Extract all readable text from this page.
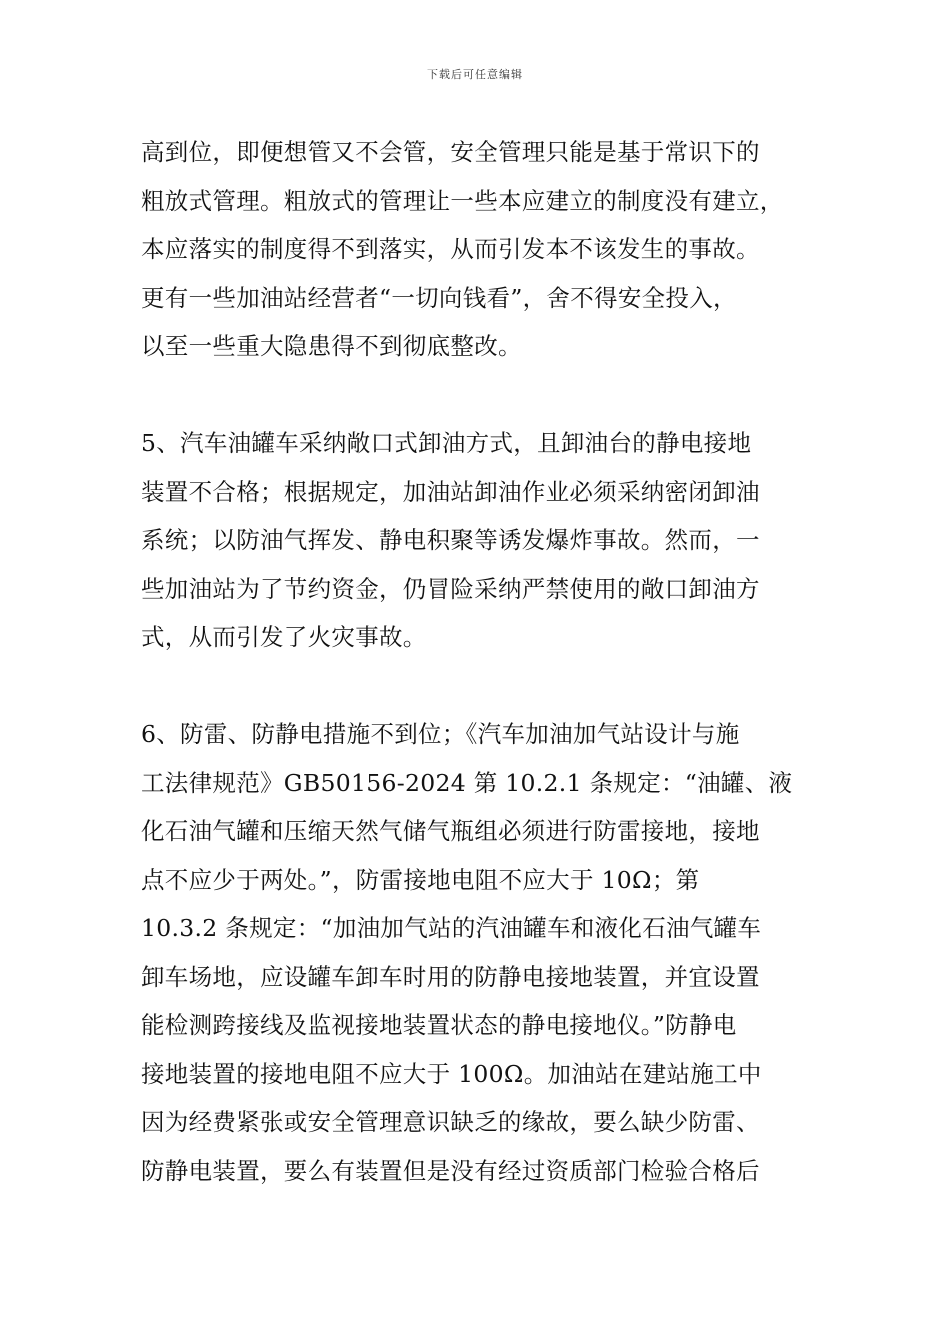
下载后可任意编辑
高到位，即便想管又不会管，安全管理只能是基于常识下的
粗放式管理。粗放式的管理让一些本应建立的制度没有建立，
本应落实的制度得不到落实，从而引发本不该发生的事故。
更有一些加油站经营者“一切向钱看”，舍不得安全投入，
以至一些重大隐患得不到彻底整改。
5、汽车油罐车采纳敞口式卸油方式，且卸油台的静电接地
装置不合格；根据规定，加油站卸油作业必须采纳密闭卸油
系统；以防油气挥发、静电积聚等诱发爆炸事故。然而，一
些加油站为了节约资金，仍冒险采纳严禁使用的敞口卸油方
式，从而引发了火灾事故。
6、防雷、防静电措施不到位；《汽车加油加气站设计与施
工法律规范》GB50156-2024 第 10.2.1 条规定：“油罐、液
化石油气罐和压缩天然气储气瓶组必须进行防雷接地，接地
点不应少于两处。”，防雷接地电阻不应大于 10Ω；第
10.3.2 条规定：“加油加气站的汽油罐车和液化石油气罐车
卸车场地，应设罐车卸车时用的防静电接地装置，并宜设置
能检测跨接线及监视接地装置状态的静电接地仪。”防静电
接地装置的接地电阻不应大于 100Ω。加油站在建站施工中
因为经费紧张或安全管理意识缺乏的缘故，要么缺少防雷、
防静电装置，要么有装置但是没有经过资质部门检验合格后
